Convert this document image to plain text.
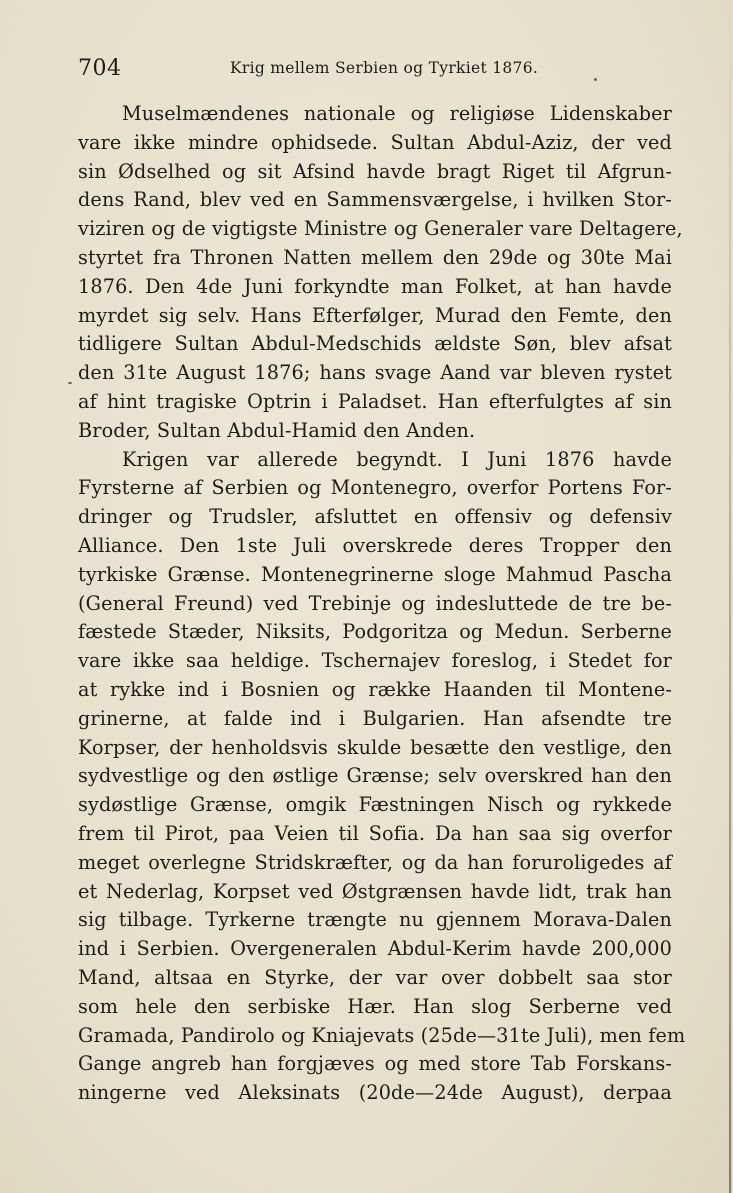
704	Krig mellem Serbien og Tyrkiet 1876.
Muselmændenes nationale og religiøse Lidenskaber
vare ikke mindre ophidsede. Sultan Abdul-Aziz, der ved
sin Ødselhed og sit Afsind havde bragt Riget til Afgrun-
dens Rand, blev ved en Sammensværgelse, i hvilken Stor-
viziren og de vigtigste Ministre og Generaler vare Deltagere,
styrtet fra Thronen Natten mellem den 29de og 30te Mai
1876. Den 4de Juni forkyndte man Folket, at han havde
myrdet sig selv. Hans Efterfølger, Murad den Femte, den
tidligere Sultan Abdul-Medschids ældste Søn, blev afsat
den 31te August 1876; hans svage Aand var bleven rystet
af hint tragiske Optrin i Paladset. Han efterfulgtes af sin
Broder, Sultan Abdul-Hamid den Anden.
Krigen var allerede begyndt. I Juni 1876 havde
Fyrsterne af Serbien og Montenegro, overfor Portens For-
dringer og Trudsler, afsluttet en offensiv og defensiv
Alliance. Den 1ste Juli overskrede deres Tropper den
tyrkiske Grænse. Montenegrinerne sloge Mahmud Pascha
(General Freund) ved Trebinje og indesluttede de tre be-
fæstede Stæder, Niksits, Podgoritza og Medun. Serberne
vare ikke saa heldige. Tschernajev foreslog, i Stedet for
at rykke ind i Bosnien og række Haanden til Montene-
grinerne, at falde ind i Bulgarien. Han afsendte tre
Korpser, der henholdsvis skulde besætte den vestlige, den
sydvestlige og den østlige Grænse; selv overskred han den
sydøstlige Grænse, omgik Fæstningen Nisch og rykkede
frem til Pirot, paa Veien til Sofia. Da han saa sig overfor
meget overlegne Stridskræfter, og da han foruroligedes af
et Nederlag, Korpset ved Østgrænsen havde lidt, trak han
sig tilbage. Tyrkerne trængte nu gjennem Morava-Dalen
ind i Serbien. Overgeneralen Abdul-Kerim havde 200,000
Mand, altsaa en Styrke, der var over dobbelt saa stor
som hele den serbiske Hær. Han slog Serberne ved
Gramada, Pandirolo og Kniajevats (25de—31te Juli), men fem
Gange angreb han forgjæves og med store Tab Forskans-
ningerne ved Aleksinats (20de—24de August), derpaa
